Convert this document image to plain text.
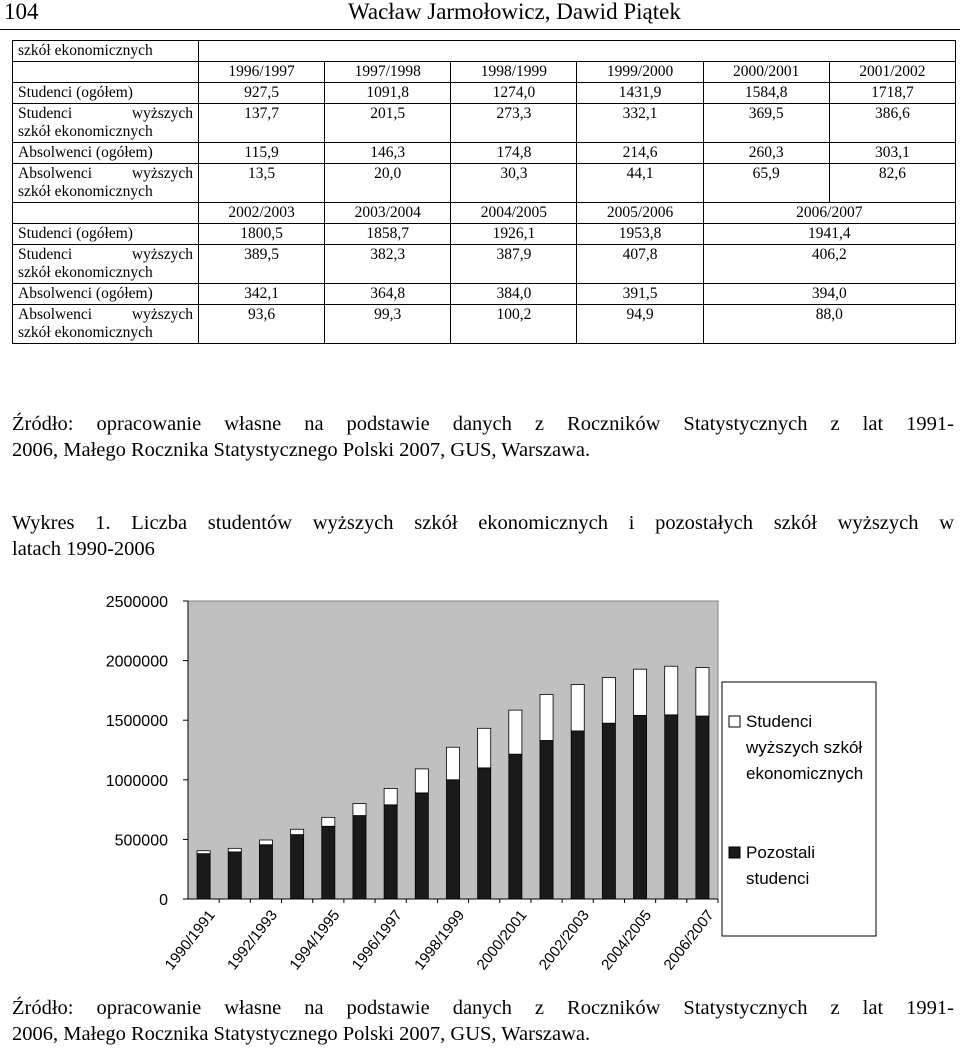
104	Wacław Jarmołowicz, Dawid Piątek
szkół ekonomicznych						
	1996/1997	1997/1998	1998/1999	1999/2000	2000/2001	2001/2002
Studenci (ogółem)	927,5	1091,8	1274,0	1431,9	1584,8	1718,7

Studenci wyższych
szkół ekonomicznych	137,7	201,5	273,3	332,1	369,5	386,6
Absolwenci (ogółem)	115,9	146,3	174,8	214,6	260,3	303,1

Absolwenci wyższych
szkół ekonomicznych	13,5	20,0	30,3	44,1	65,9	82,6
	2002/2003	2003/2004	2004/2005	2005/2006	2006/2007	
Studenci (ogółem)	1800,5	1858,7	1926,1	1953,8	1941,4	

Studenci wyższych
szkół ekonomicznych	389,5	382,3	387,9	407,8	406,2	
Absolwenci (ogółem)	342,1	364,8	384,0	391,5	394,0	

Absolwenci wyższych
szkół ekonomicznych	93,6	99,3	100,2	94,9	88,0	
Źródło: opracowanie własne na podstawie danych z Roczników Statystycznych z lat 1991-
2006, Małego Rocznika Statystycznego Polski 2007, GUS, Warszawa.
Wykres 1. Liczba studentów wyższych szkół ekonomicznych i pozostałych szkół wyższych w
latach 1990-2006
2500000
2000000
1500000
1000000
500000
0
1990/1991 1992/1993 1994/1995 1996/1997 1998/1999 2000/2001 2002/2003 2004/2005 2006/2007
Studenci wyższych szkół ekonomicznych
Pozostali studenci
Źródło: opracowanie własne na podstawie danych z Roczników Statystycznych z lat 1991-
2006, Małego Rocznika Statystycznego Polski 2007, GUS, Warszawa.
